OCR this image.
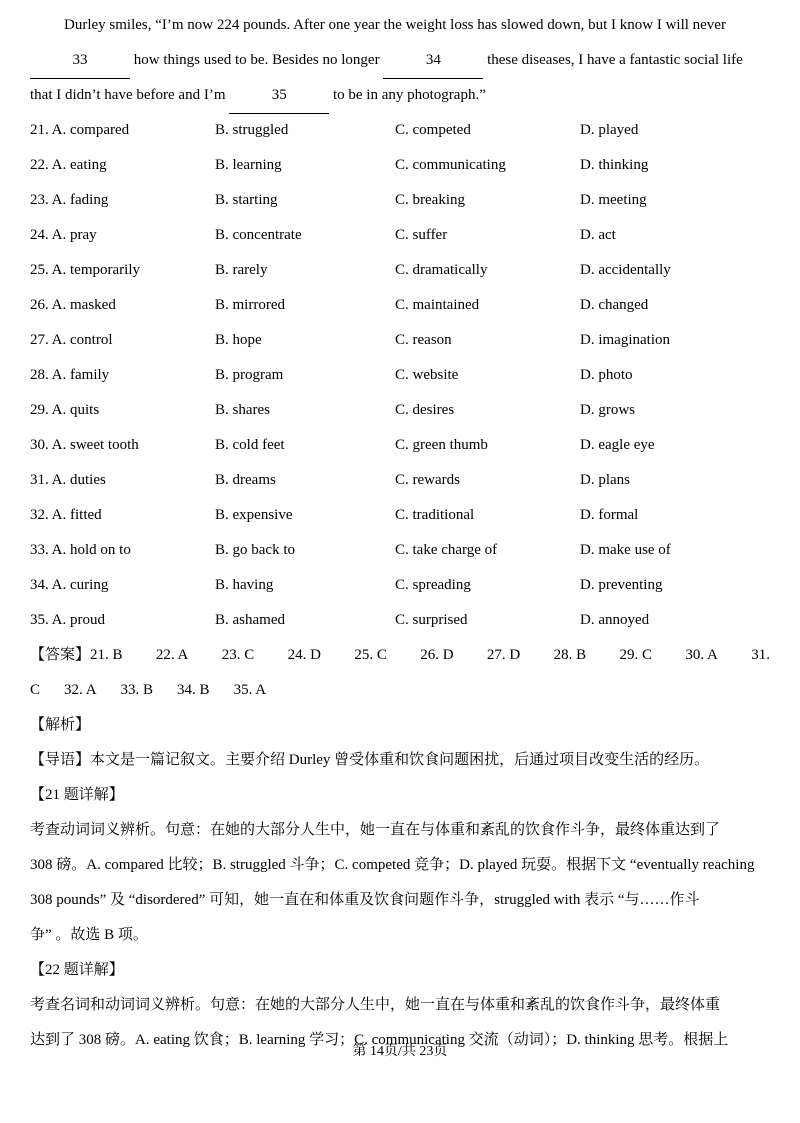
Durley smiles, “I’m now 224 pounds. After one year the weight loss has slowed down, but I know I will never
33	how things used to be. Besides no longer	34	these diseases, I have a fantastic social life
that I didn’t have before and I’m	35	to be in any photograph.”
21. A. compared	B. struggled	C. competed	D. played
22. A. eating	B. learning	C. communicating	D. thinking
23. A. fading	B. starting	C. breaking	D. meeting
24. A. pray	B. concentrate	C. suffer	D. act
25. A. temporarily	B. rarely	C. dramatically	D. accidentally
26. A. masked	B. mirrored	C. maintained	D. changed
27. A. control	B. hope	C. reason	D. imagination
28. A. family	B. program	C. website	D. photo
29. A. quits	B. shares	C. desires	D. grows
30. A. sweet tooth	B. cold feet	C. green thumb	D. eagle eye
31. A. duties	B. dreams	C. rewards	D. plans
32. A. fitted	B. expensive	C. traditional	D. formal
33. A. hold on to	B. go back to	C. take charge of	D. make use of
34. A. curing	B. having	C. spreading	D. preventing
35. A. proud	B. ashamed	C. surprised	D. annoyed
【答案】21. B 22. A 23. C 24. D 25. C 26. D 27. D 28. B 29. C 30. A 31.
C 32. A 33. B 34. B 35. A
【解析】
【导语】本文是一篇记叙文。主要介绍 Durley 曾受体重和饮食问题困扰，后通过项目改变生活的经历。
【21 题详解】
考查动词词义辨析。句意：在她的大部分人生中，她一直在与体重和紊乱的饮食作斗争，最终体重达到了
308 磅。A. compared 比较；B. struggled 斗争；C. competed 竞争；D. played 玩耍。根据下文 “eventually reaching
308 pounds” 及 “disordered” 可知，她一直在和体重及饮食问题作斗争，struggled with 表示 “与……作斗
争” 。故选 B 项。
【22 题详解】
考查名词和动词词义辨析。句意：在她的大部分人生中，她一直在与体重和紊乱的饮食作斗争，最终体重
达到了 308 磅。A. eating 饮食；B. learning 学习；C. communicating 交流（动词）；D. thinking 思考。根据上
第 14页/共 23页
